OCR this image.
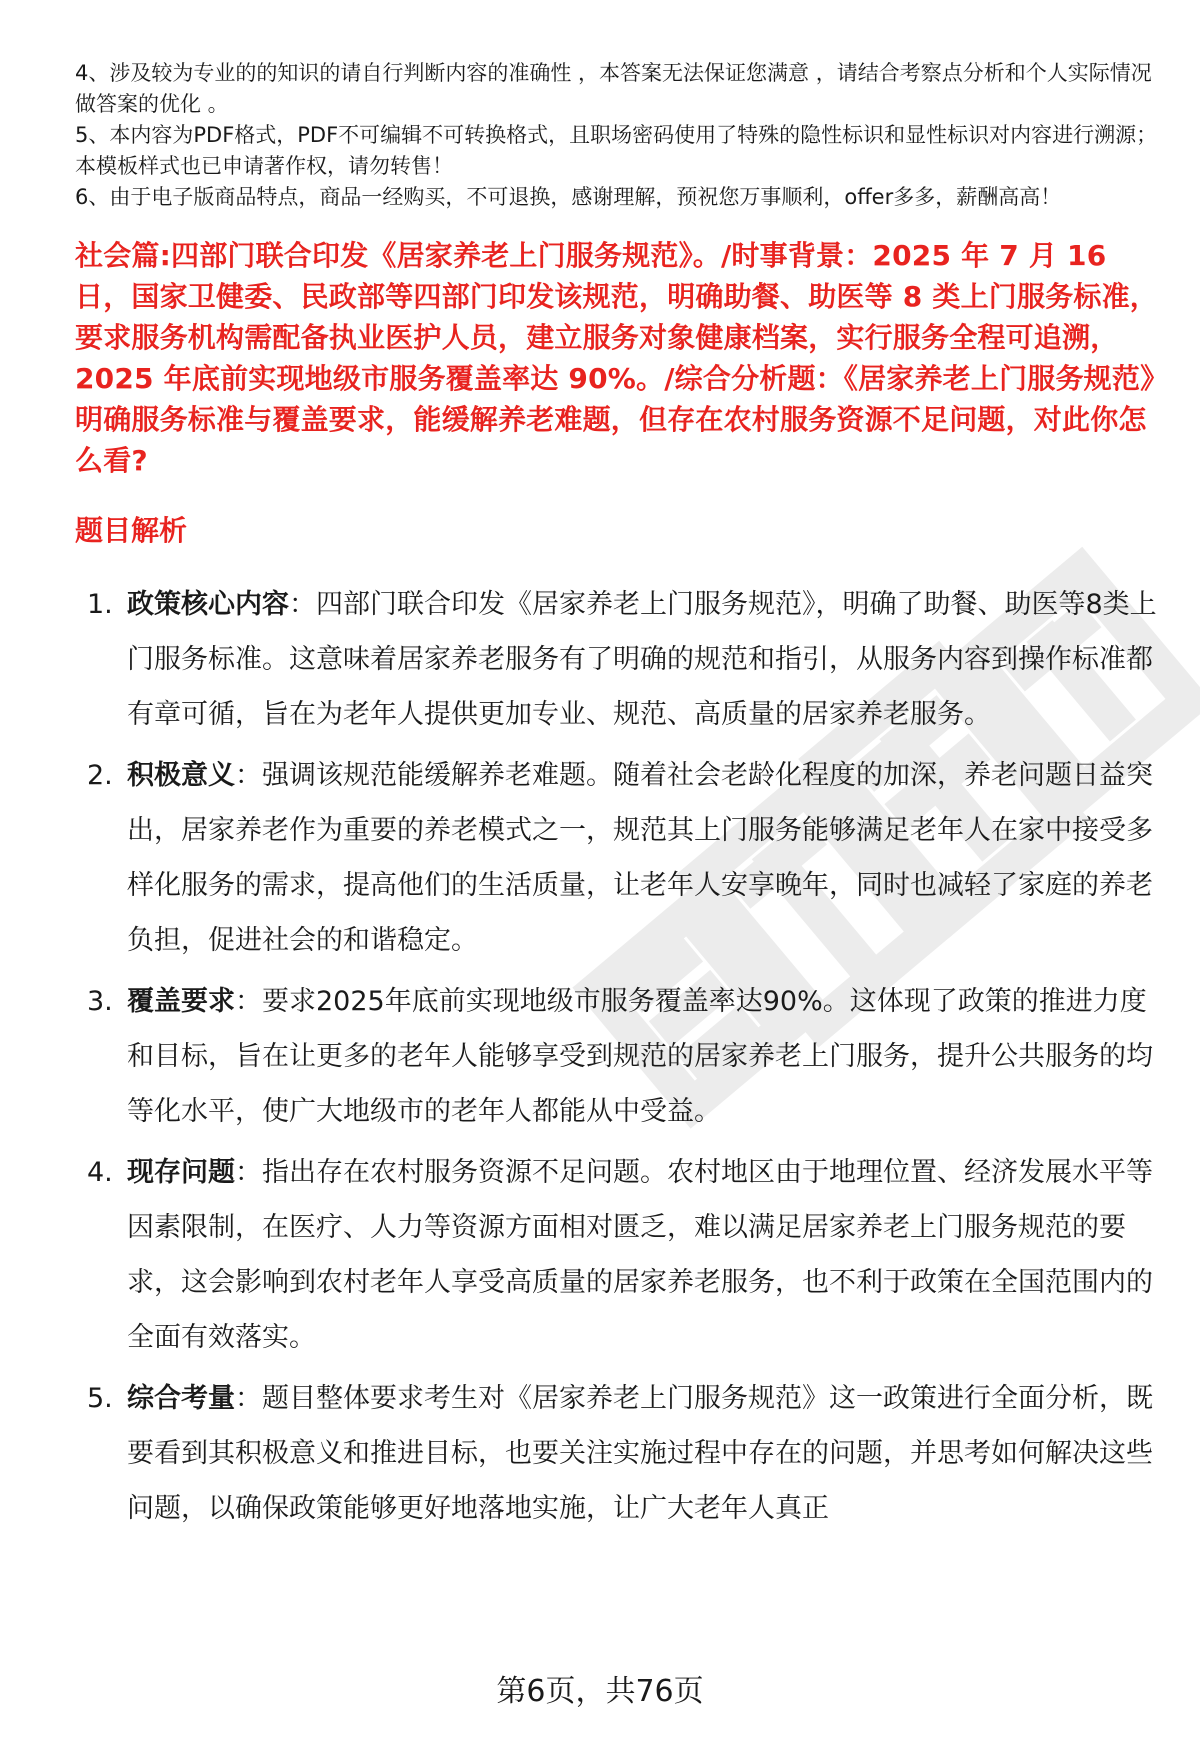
4、涉及较为专业的的知识的请自行判断内容的准确性 ，本答案无法保证您满意 ，请结合考察点分析和个人实际情况做答案的优化 。

5、本内容为PDF格式，PDF不可编辑不可转换格式，且职场密码使用了特殊的隐性标识和显性标识对内容进行溯源；本模板样式也已申请著作权，请勿转售！

6、由于电子版商品特点，商品一经购买，不可退换，感谢理解，预祝您万事顺利，offer多多，薪酬高高！

社会篇:四部门联合印发《居家养老上门服务规范》。/时事背景：2025 年 7 月 16 日，国家卫健委、民政部等四部门印发该规范，明确助餐、助医等 8 类上门服务标准，要求服务机构需配备执业医护人员，建立服务对象健康档案，实行服务全程可追溯，2025 年底前实现地级市服务覆盖率达 90%。/综合分析题：《居家养老上门服务规范》明确服务标准与覆盖要求，能缓解养老难题，但存在农村服务资源不足问题，对此你怎么看?
题目解析
1. 政策核心内容：四部门联合印发《居家养老上门服务规范》，明确了助餐、助医等8类上门服务标准。这意味着居家养老服务有了明确的规范和指引，从服务内容到操作标准都有章可循，旨在为老年人提供更加专业、规范、高质量的居家养老服务。
2. 积极意义：强调该规范能缓解养老难题。随着社会老龄化程度的加深，养老问题日益突出，居家养老作为重要的养老模式之一，规范其上门服务能够满足老年人在家中接受多样化服务的需求，提高他们的生活质量，让老年人安享晚年，同时也减轻了家庭的养老负担，促进社会的和谐稳定。
3. 覆盖要求：要求2025年底前实现地级市服务覆盖率达90%。这体现了政策的推进力度和目标，旨在让更多的老年人能够享受到规范的居家养老上门服务，提升公共服务的均等化水平，使广大地级市的老年人都能从中受益。
4. 现存问题：指出存在农村服务资源不足问题。农村地区由于地理位置、经济发展水平等因素限制，在医疗、人力等资源方面相对匮乏，难以满足居家养老上门服务规范的要求，这会影响到农村老年人享受高质量的居家养老服务，也不利于政策在全国范围内的全面有效落实。
5. 综合考量：题目整体要求考生对《居家养老上门服务规范》这一政策进行全面分析，既要看到其积极意义和推进目标，也要关注实施过程中存在的问题，并思考如何解决这些问题，以确保政策能够更好地落地实施，让广大老年人真正
第6页，共76页
